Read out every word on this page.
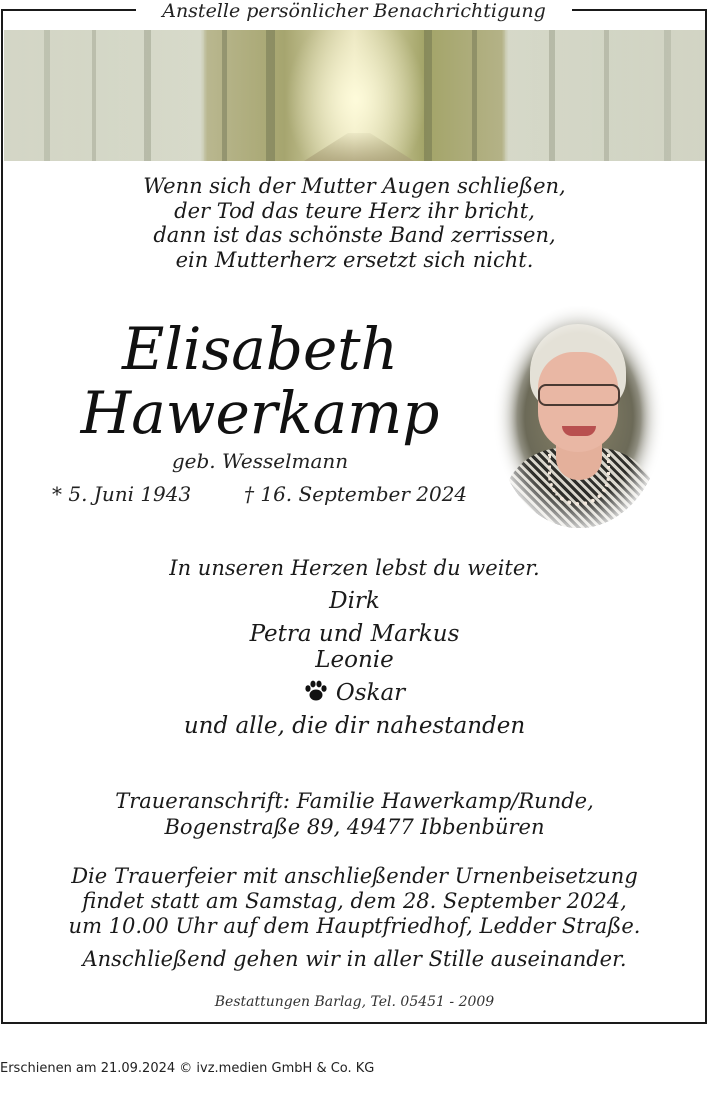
Anstelle persönlicher Benachrichtigung
Wenn sich der Mutter Augen schließen,
der Tod das teure Herz ihr bricht,
dann ist das schönste Band zerrissen,
ein Mutterherz ersetzt sich nicht.
Elisabeth
Hawerkamp
geb. Wesselmann
* 5. Juni 1943	† 16. September 2024
In unseren Herzen lebst du weiter.
Dirk
Petra und Markus
Leonie
Oskar
und alle, die dir nahestanden
Traueranschrift: Familie Hawerkamp/Runde,
Bogenstraße 89, 49477 Ibbenbüren
Die Trauerfeier mit anschließender Urnenbeisetzung
findet statt am Samstag, dem 28. September 2024,
um 10.00 Uhr auf dem Hauptfriedhof, Ledder Straße.
Anschließend gehen wir in aller Stille auseinander.
Bestattungen Barlag, Tel. 05451 - 2009
Erschienen am 21.09.2024 © ivz.medien GmbH & Co. KG
